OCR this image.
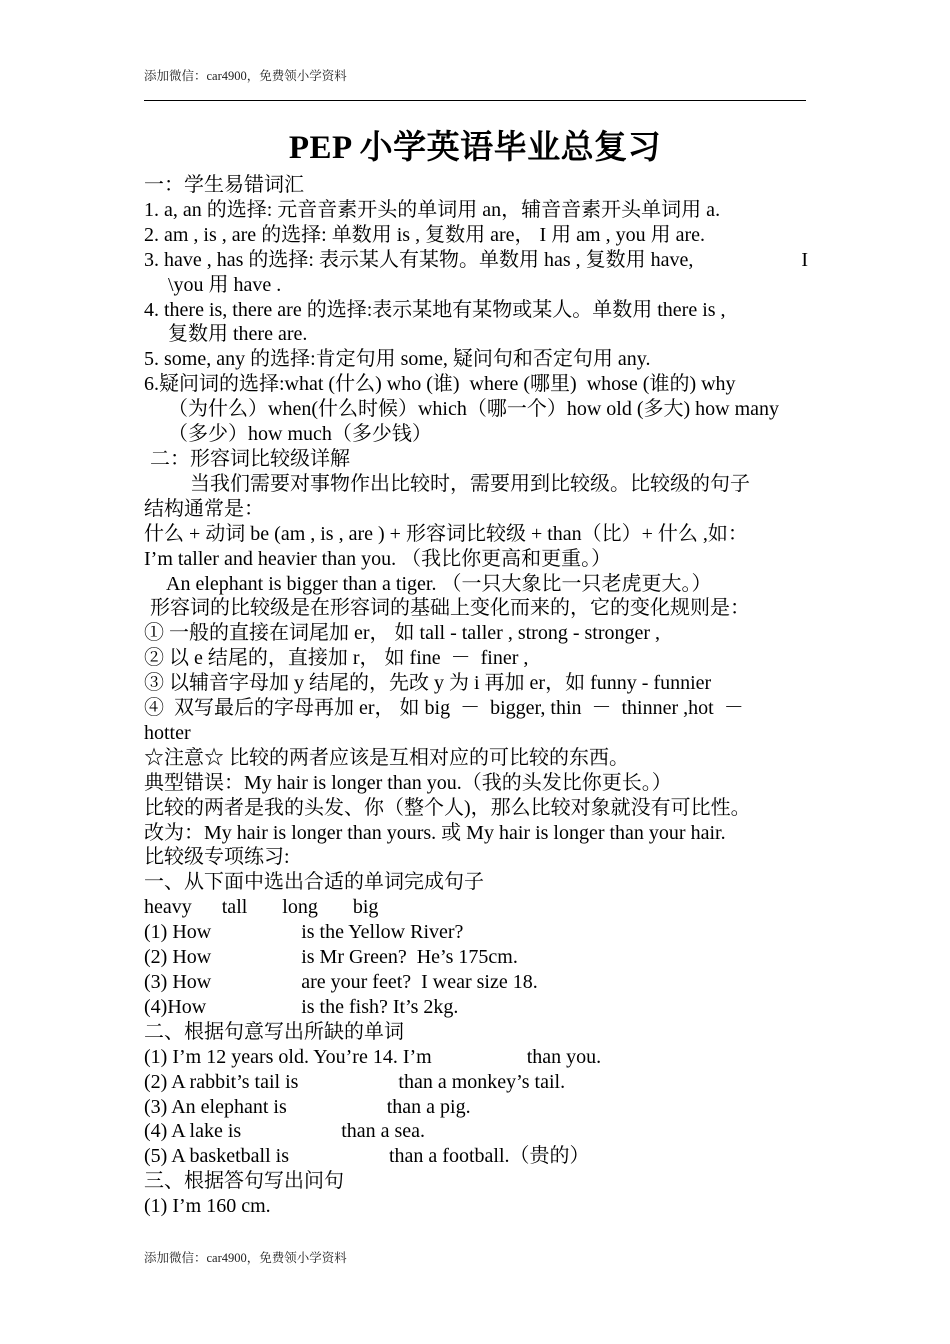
添加微信：car4900，免费领小学资料
PEP 小学英语毕业总复习
一：学生易错词汇
1. a, an 的选择: 元音音素开头的单词用 an，辅音音素开头单词用 a.
2. am , is , are 的选择: 单数用 is , 复数用 are， I 用 am , you 用 are.
3. have , has 的选择: 表示某人有某物。单数用 has , 复数用 have,	I
\you 用 have .
4. there is, there are 的选择:表示某地有某物或某人。单数用 there is ,
复数用 there are.
5. some, any 的选择:肯定句用 some, 疑问句和否定句用 any.
6.疑问词的选择:what (什么) who (谁)  where (哪里)  whose (谁的) why
（为什么）when(什么时候）which（哪一个）how old (多大) how many
（多少）how much（多少钱）
二：形容词比较级详解
当我们需要对事物作出比较时，需要用到比较级。比较级的句子
结构通常是：
什么 + 动词 be (am , is , are ) + 形容词比较级 + than（比）+ 什么 ,如：
I’m taller and heavier than you. （我比你更高和更重。）
An elephant is bigger than a tiger. （一只大象比一只老虎更大。）
形容词的比较级是在形容词的基础上变化而来的，它的变化规则是：
① 一般的直接在词尾加 er， 如 tall - taller , strong - stronger ,
② 以 e 结尾的，直接加 r， 如 fine  －  finer ,
③ 以辅音字母加 y 结尾的，先改 y 为 i 再加 er，如 funny - funnier
④  双写最后的字母再加 er， 如 big  －  bigger, thin  －  thinner ,hot  －
hotter
☆注意☆ 比较的两者应该是互相对应的可比较的东西。
典型错误：My hair is longer than you.（我的头发比你更长。）
比较的两者是我的头发、你（整个人)，那么比较对象就没有可比性。
改为：My hair is longer than yours. 或 My hair is longer than your hair.
比较级专项练习:
一、从下面中选出合适的单词完成句子
heavy      tall       long       big
(1) How                  is the Yellow River?
(2) How                  is Mr Green?  He’s 175cm.
(3) How                  are your feet?  I wear size 18.
(4)How                   is the fish? It’s 2kg.
二、根据句意写出所缺的单词
(1) I’m 12 years old. You’re 14. I’m                   than you.
(2) A rabbit’s tail is                    than a monkey’s tail.
(3) An elephant is                    than a pig.
(4) A lake is                    than a sea.
(5) A basketball is                    than a football.（贵的）
三、根据答句写出问句
(1) I’m 160 cm.
添加微信：car4900，免费领小学资料
